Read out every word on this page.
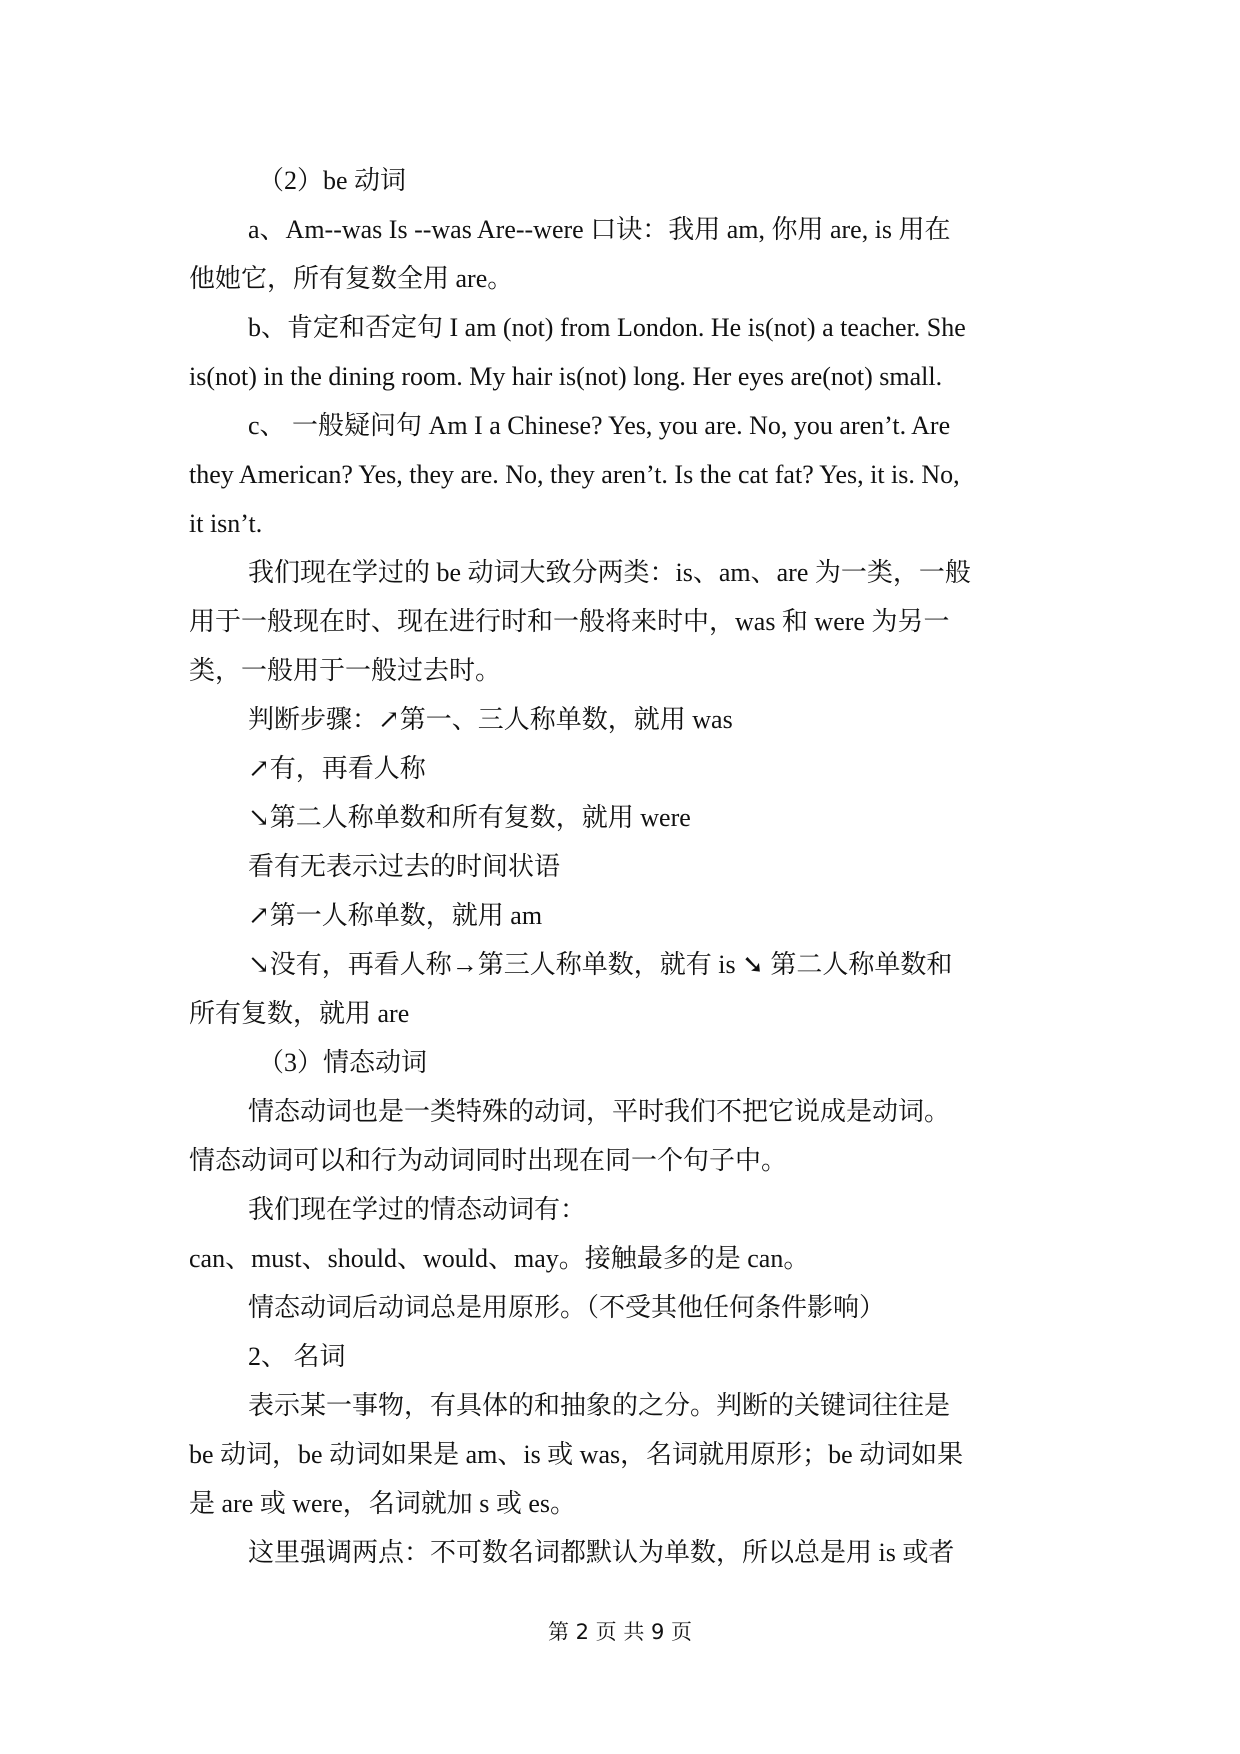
（2）be 动词
a、Am--was Is --was Are--were 口诀：我用 am, 你用 are, is 用在
他她它，所有复数全用 are。
b、肯定和否定句 I am (not) from London. He is(not) a teacher. She
is(not) in the dining room. My hair is(not) long. Her eyes are(not) small.
c、 一般疑问句 Am I a Chinese? Yes, you are. No, you aren’t. Are
they American? Yes, they are. No, they aren’t. Is the cat fat? Yes, it is. No,
it isn’t.
我们现在学过的 be 动词大致分两类：is、am、are 为一类，一般
用于一般现在时、现在进行时和一般将来时中，was 和 were 为另一
类，一般用于一般过去时。
判断步骤：↗第一、三人称单数，就用 was
↗有，再看人称
↘第二人称单数和所有复数，就用 were
看有无表示过去的时间状语
↗第一人称单数，就用 am
↘没有，再看人称→第三人称单数，就有 is ➘ 第二人称单数和
所有复数，就用 are
（3）情态动词
情态动词也是一类特殊的动词，平时我们不把它说成是动词。
情态动词可以和行为动词同时出现在同一个句子中。
我们现在学过的情态动词有：
can、must、should、would、may。接触最多的是 can。
情态动词后动词总是用原形。（不受其他任何条件影响）
2、 名词
表示某一事物，有具体的和抽象的之分。判断的关键词往往是
be 动词，be 动词如果是 am、is 或 was，名词就用原形；be 动词如果
是 are 或 were，名词就加 s 或 es。
这里强调两点：不可数名词都默认为单数，所以总是用 is 或者
第 2 页 共 9 页
